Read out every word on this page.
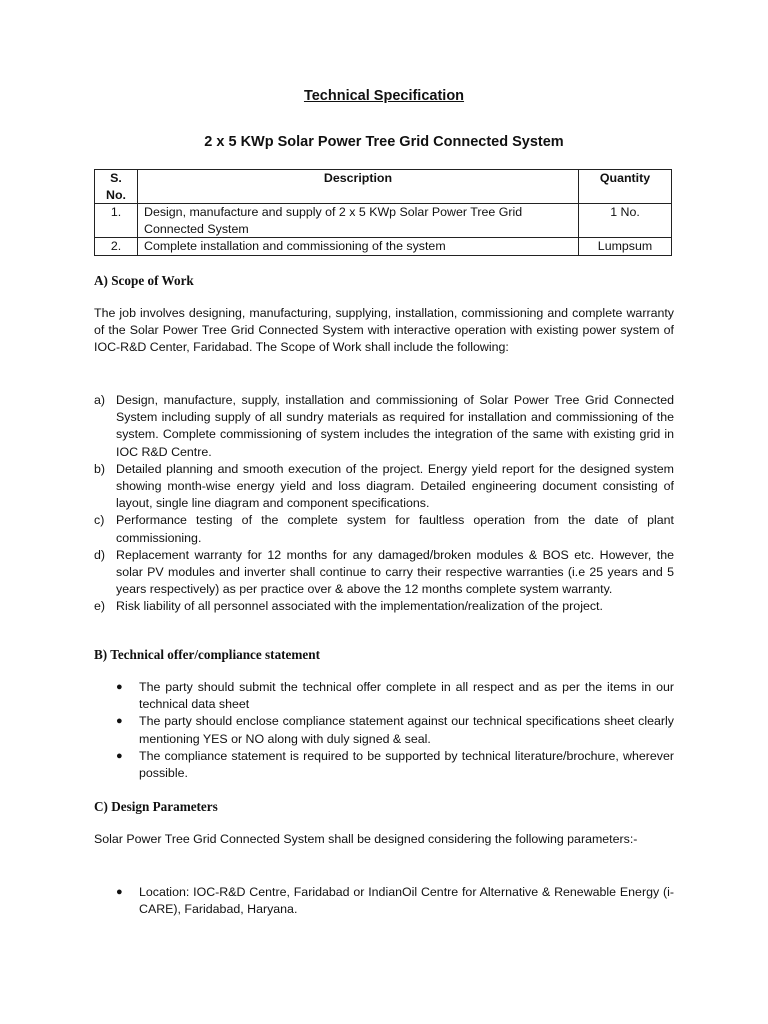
Technical Specification
2 x 5 KWp Solar Power Tree Grid Connected System
S. No.	Description	Quantity
1.	Design, manufacture and supply of 2 x 5 KWp Solar Power Tree Grid Connected System	1 No.
2.	Complete installation and commissioning of the system	Lumpsum
A) Scope of Work

The job involves designing, manufacturing, supplying, installation, commissioning and complete warranty of the Solar Power Tree Grid Connected System with interactive operation with existing power system of IOC-R&D Center, Faridabad. The Scope of Work shall include the following:

a) Design, manufacture, supply, installation and commissioning of Solar Power Tree Grid Connected System including supply of all sundry materials as required for installation and commissioning of the system. Complete commissioning of system includes the integration of the same with existing grid in IOC R&D Centre.
b) Detailed planning and smooth execution of the project. Energy yield report for the designed system showing month-wise energy yield and loss diagram. Detailed engineering document consisting of layout, single line diagram and component specifications.
c) Performance testing of the complete system for faultless operation from the date of plant commissioning.
d) Replacement warranty for 12 months for any damaged/broken modules & BOS etc. However, the solar PV modules and inverter shall continue to carry their respective warranties (i.e 25 years and 5 years respectively) as per practice over & above the 12 months complete system warranty.
e) Risk liability of all personnel associated with the implementation/realization of the project.
B) Technical offer/compliance statement
● The party should submit the technical offer complete in all respect and as per the items in our technical data sheet
● The party should enclose compliance statement against our technical specifications sheet clearly mentioning YES or NO along with duly signed & seal.
● The compliance statement is required to be supported by technical literature/brochure, wherever possible.
C) Design Parameters

Solar Power Tree Grid Connected System shall be designed considering the following parameters:-

● Location: IOC-R&D Centre, Faridabad or IndianOil Centre for Alternative & Renewable Energy (i-CARE), Faridabad, Haryana.
